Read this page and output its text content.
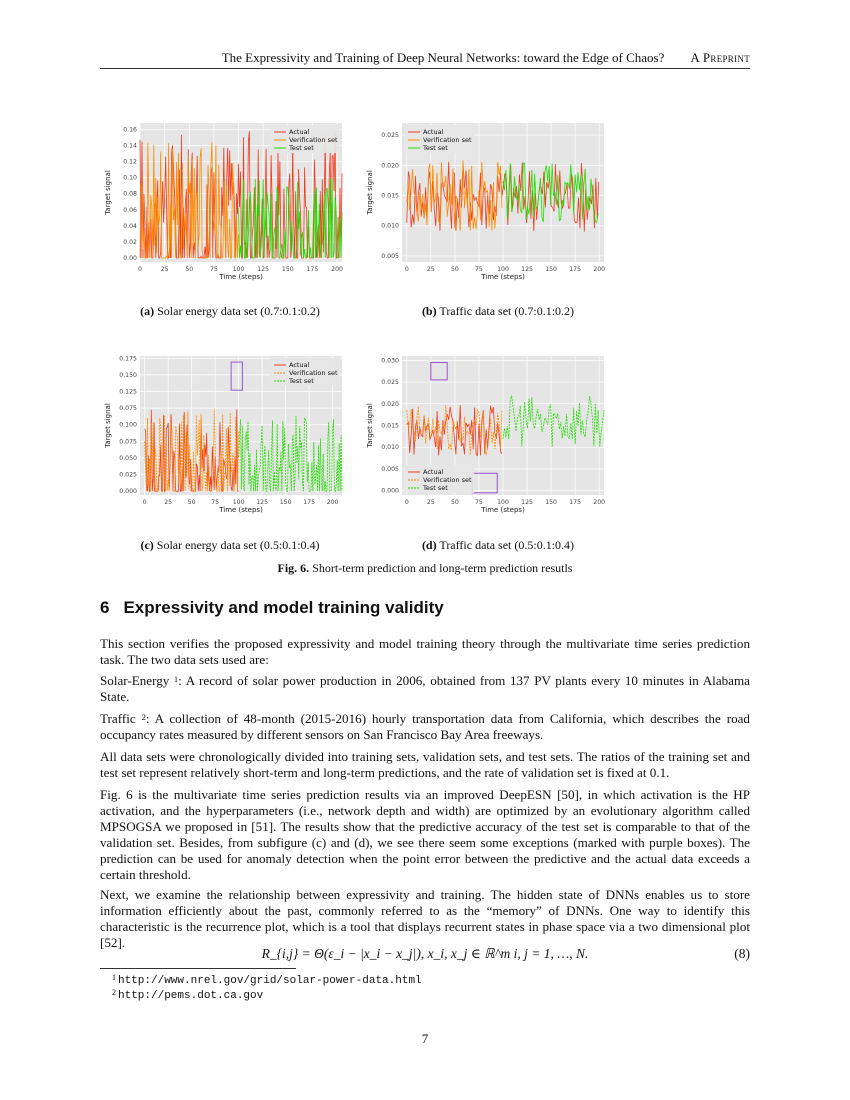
The Expressivity and Training of Deep Neural Networks: toward the Edge of Chaos? A Preprint
0	25	50	75 100 125 150 175 200
0.00
0.02
0.04
0.06
0.08
0.10
0.12
0.14
0.16	Actual
Verification set
Test set
Time (steps)
Target signal
(a) Solar energy data set (0.7:0.1:0.2)
0	25	50	75 100 125 150 175 200
0.005
0.010
0.015
0.020
0.025	Actual
Verification set
Test set
Time (steps)
Target signal
(b) Traffic data set (0.7:0.1:0.2)
0	25	50	75 100 125 150 175 200
0.000
0.025
0.050
0.075
0.100
0.075
0.125
0.150
0.175
Actual
Verification set
Test set
Time (steps)
Target signal
(c) Solar energy data set (0.5:0.1:0.4)
0	25	50	75 100 125 150 175 200
0.000
0.005
0.010
0.015
0.020
0.025
0.030
Actual
Verification set
Test set
Time (steps)
Target signal
(d) Traffic data set (0.5:0.1:0.4)
Fig. 6. Short-term prediction and long-term prediction resutls
6 Expressivity and model training validity

This section verifies the proposed expressivity and model training theory through the multivariate time series prediction task. The two data sets used are:

Solar-Energy $^1$: A record of solar power production in 2006, obtained from 137 PV plants every 10 minutes in Alabama State.

Traffic $^2$: A collection of 48-month (2015-2016) hourly transportation data from California, which describes the road occupancy rates measured by different sensors on San Francisco Bay Area freeways.

All data sets were chronologically divided into training sets, validation sets, and test sets. The ratios of the training set and test set represent relatively short-term and long-term predictions, and the rate of validation set is fixed at 0.1.

Fig. 6 is the multivariate time series prediction results via an improved DeepESN [50], in which activation is the HP activation, and the hyperparameters (i.e., network depth and width) are optimized by an evolutionary algorithm called MPSOGSA we proposed in [51]. The results show that the predictive accuracy of the test set is comparable to that of the validation set. Besides, from subfigure (c) and (d), we see there seem some exceptions (marked with purple boxes). The prediction can be used for anomaly detection when the point error between the predictive and the actual data exceeds a certain threshold.

Next, we examine the relationship between expressivity and training. The hidden state of DNNs enables us to store information efficiently about the past, commonly referred to as the “memory” of DNNs. One way to identify this characteristic is the recurrence plot, which is a tool that displays recurrent states in phase space via a two dimensional plot [52].

R_{i,j} = Θ(ε_i − |x_i − x_j|), x_i, x_j ∈ ℝ^m i, j = 1, …, N.	(8)
1 http://www.nrel.gov/grid/solar-power-data.html
2 http://pems.dot.ca.gov
7
